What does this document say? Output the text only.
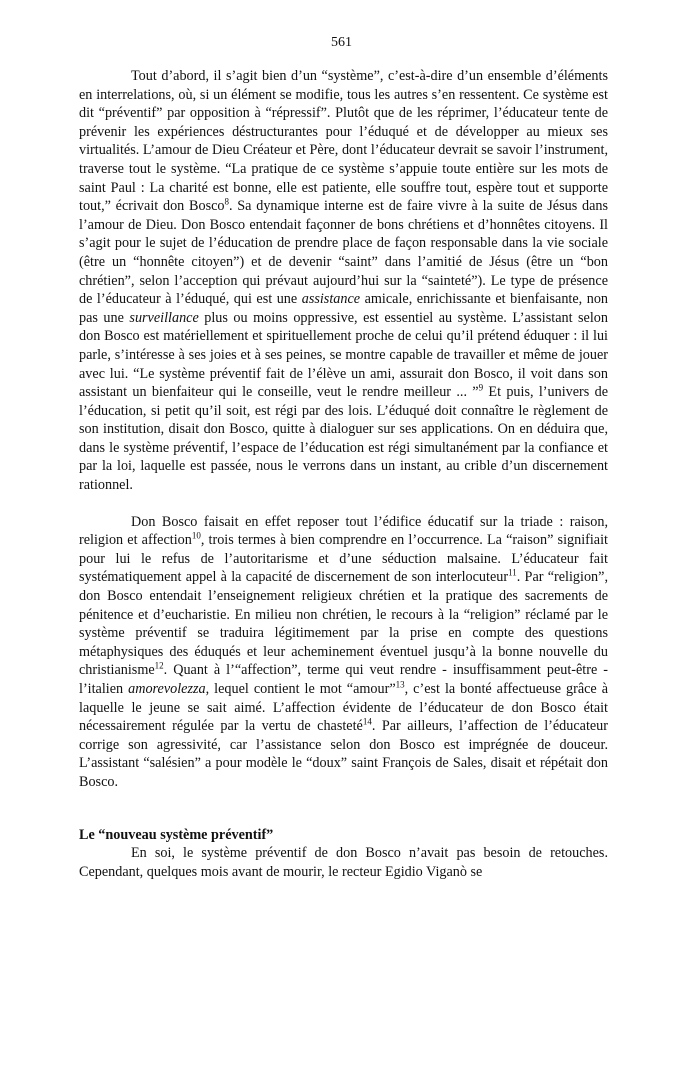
561

Tout d’abord, il s’agit bien d’un “système”, c’est-à-dire d’un ensemble d’éléments en interrelations, où, si un élément se modifie, tous les autres s’en ressentent. Ce système est dit “préventif” par opposition à “répressif”. Plutôt que de les réprimer, l’éducateur tente de prévenir les expériences déstructurantes pour l’éduqué et de développer au mieux ses virtualités. L’amour de Dieu Créateur et Père, dont l’éducateur devrait se savoir l’instrument, traverse tout le système. “La pratique de ce système s’appuie toute entière sur les mots de saint Paul : La charité est bonne, elle est patiente, elle souffre tout, espère tout et supporte tout,” écrivait don Bosco$^8$. Sa dynamique interne est de faire vivre à la suite de Jésus dans l’amour de Dieu. Don Bosco entendait façonner de bons chrétiens et d’honnêtes citoyens. Il s’agit pour le sujet de l’éducation de prendre place de façon responsable dans la vie sociale (être un “honnête citoyen”) et de devenir “saint” dans l’amitié de Jésus (être un “bon chrétien”, selon l’acception qui prévaut aujourd’hui sur la “sainteté”). Le type de présence de l’éducateur à l’éduqué, qui est une assistance amicale, enrichissante et bienfaisante, non pas une surveillance plus ou moins oppressive, est essentiel au système. L’assistant selon don Bosco est matériellement et spirituellement proche de celui qu’il prétend éduquer : il lui parle, s’intéresse à ses joies et à ses peines, se montre capable de travailler et même de jouer avec lui. “Le système préventif fait de l’élève un ami, assurait don Bosco, il voit dans son assistant un bienfaiteur qui le conseille, veut le rendre meilleur ... ”$^9$ Et puis, l’univers de l’éducation, si petit qu’il soit, est régi par des lois. L’éduqué doit connaître le règlement de son institution, disait don Bosco, quitte à dialoguer sur ses applications. On en déduira que, dans le système préventif, l’espace de l’éducation est régi simultanément par la confiance et par la loi, laquelle est passée, nous le verrons dans un instant, au crible d’un discernement rationnel.

Don Bosco faisait en effet reposer tout l’édifice éducatif sur la triade : raison, religion et affection$^{10}$, trois termes à bien comprendre en l’occurrence. La “raison” signifiait pour lui le refus de l’autoritarisme et d’une séduction malsaine. L’éducateur fait systématiquement appel à la capacité de discernement de son interlocuteur$^{11}$. Par “religion”, don Bosco entendait l’enseignement religieux chrétien et la pratique des sacrements de pénitence et d’eucharistie. En milieu non chrétien, le recours à la “religion” réclamé par le système préventif se traduira légitimement par la prise en compte des questions métaphysiques des éduqués et leur acheminement éventuel jusqu’à la bonne nouvelle du christianisme$^{12}$. Quant à l’“affection”, terme qui veut rendre - insuffisamment peut-être - l’italien amorevolezza, lequel contient le mot “amour”$^{13}$, c’est la bonté affectueuse grâce à laquelle le jeune se sait aimé. L’affection évidente de l’éducateur de don Bosco était nécessairement régulée par la vertu de chasteté$^{14}$. Par ailleurs, l’affection de l’éducateur corrige son agressivité, car l’assistance selon don Bosco est imprégnée de douceur. L’assistant “salésien” a pour modèle le “doux” saint François de Sales, disait et répétait don Bosco.

Le “nouveau système préventif”

En soi, le système préventif de don Bosco n’avait pas besoin de retouches. Cependant, quelques mois avant de mourir, le recteur Egidio Viganò se
